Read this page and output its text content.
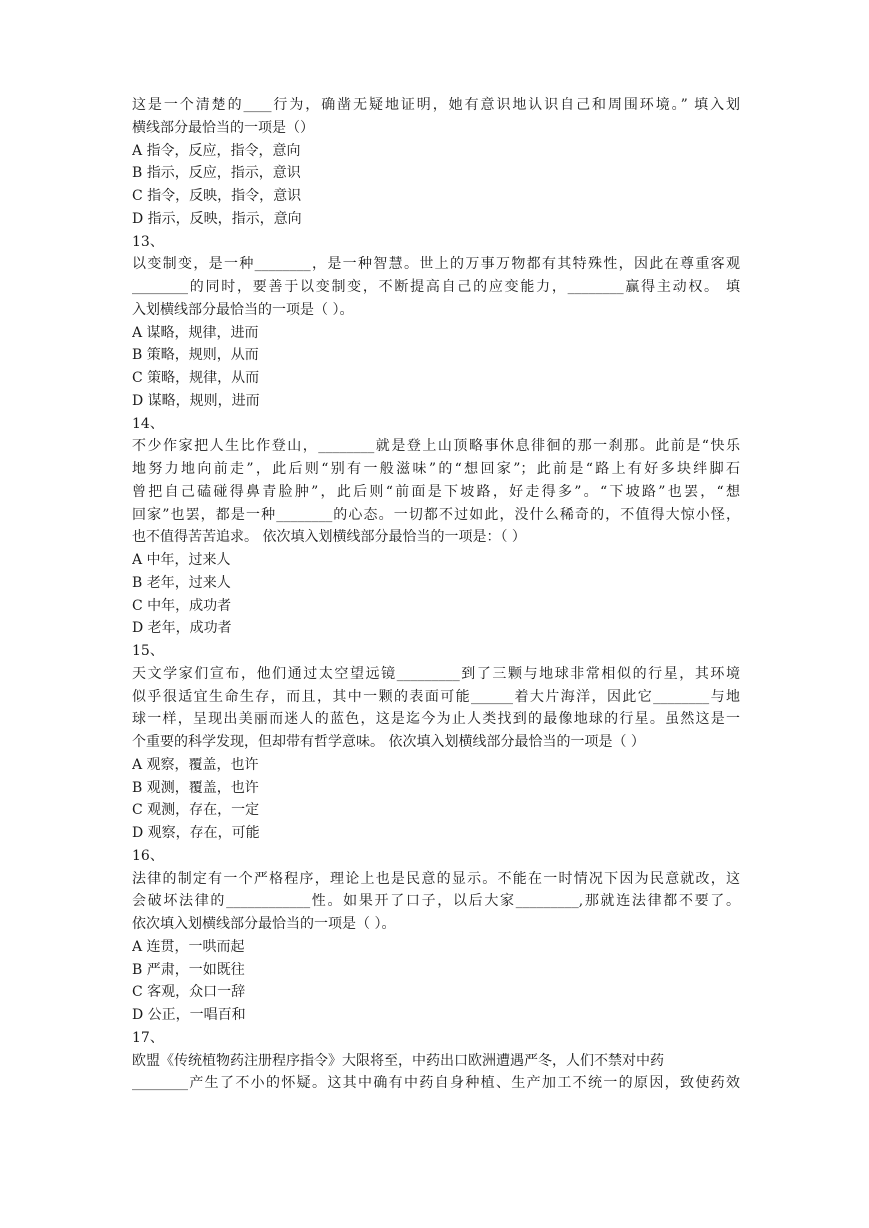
这是一个清楚的____行为，确凿无疑地证明，她有意识地认识自己和周围环境。” 填入划
横线部分最恰当的一项是（）
A 指令，反应，指令，意向
B 指示，反应，指示，意识
C 指令，反映，指令，意识
D 指示，反映，指示，意向
13、
以变制变，是一种________，是一种智慧。世上的万事万物都有其特殊性，因此在尊重客观
________的同时，要善于以变制变，不断提高自己的应变能力，________赢得主动权。 填
入划横线部分最恰当的一项是（ ）。
A 谋略，规律，进而
B 策略，规则，从而
C 策略，规律，从而
D 谋略，规则，进而
14、
不少作家把人生比作登山，________就是登上山顶略事休息徘徊的那一刹那。此前是“快乐
地努力地向前走”，此后则“别有一般滋味”的“想回家”；此前是“路上有好多块绊脚石
曾把自己磕碰得鼻青脸肿”，此后则“前面是下坡路，好走得多”。“下坡路”也罢，“想
回家”也罢，都是一种________的心态。一切都不过如此，没什么稀奇的，不值得大惊小怪，
也不值得苦苦追求。 依次填入划横线部分最恰当的一项是：（ ）
A 中年，过来人
B 老年，过来人
C 中年，成功者
D 老年，成功者
15、
天文学家们宣布，他们通过太空望远镜_________到了三颗与地球非常相似的行星，其环境
似乎很适宜生命生存，而且，其中一颗的表面可能______着大片海洋，因此它________与地
球一样，呈现出美丽而迷人的蓝色，这是迄今为止人类找到的最像地球的行星。虽然这是一
个重要的科学发现，但却带有哲学意味。 依次填入划横线部分最恰当的一项是（ ）
A 观察，覆盖，也许
B 观测，覆盖，也许
C 观测，存在，一定
D 观察，存在，可能
16、
法律的制定有一个严格程序，理论上也是民意的显示。不能在一时情况下因为民意就改，这
会破坏法律的____________性。如果开了口子，以后大家_________,那就连法律都不要了。
依次填入划横线部分最恰当的一项是（ ）。
A 连贯，一哄而起
B 严肃，一如既往
C 客观，众口一辞
D 公正，一唱百和
17、
欧盟《传统植物药注册程序指令》大限将至，中药出口欧洲遭遇严冬，人们不禁对中药
________产生了不小的怀疑。这其中确有中药自身种植、生产加工不统一的原因，致使药效
